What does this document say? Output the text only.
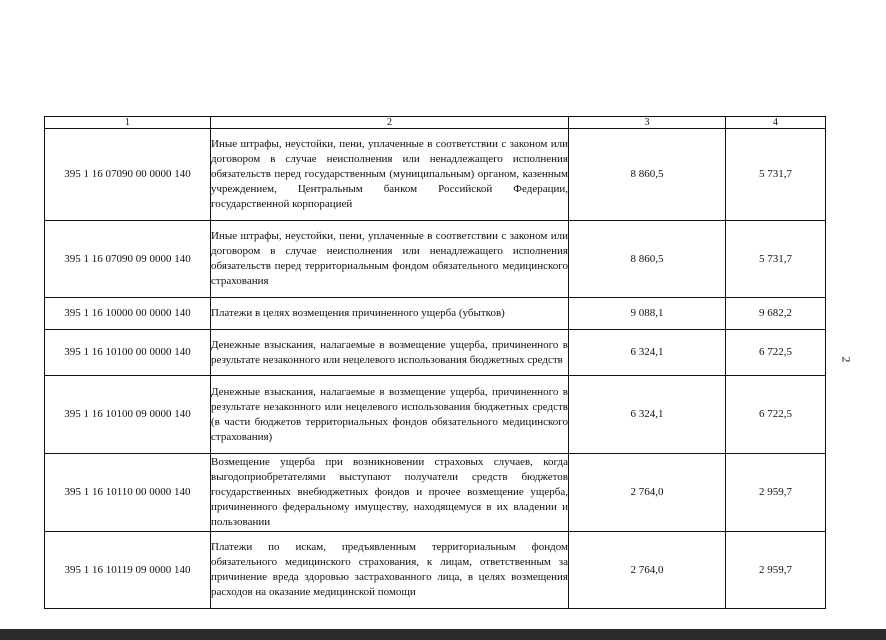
1	2	3	4
395 1 16 07090 00 0000 140	Иные штрафы, неустойки, пени, уплаченные в соответствии с законом или договором в случае неисполнения или ненадлежащего исполнения обязательств перед государственным (муниципальным) органом, казенным учреждением, Центральным банком Российской Федерации, государственной корпорацией	8 860,5	5 731,7
395 1 16 07090 09 0000 140	Иные штрафы, неустойки, пени, уплаченные в соответствии с законом или договором в случае неисполнения или ненадлежащего исполнения обязательств перед территориальным фондом обязательного медицинского страхования	8 860,5	5 731,7
395 1 16 10000 00 0000 140	Платежи в целях возмещения причиненного ущерба (убытков)	9 088,1	9 682,2
395 1 16 10100 00 0000 140	Денежные взыскания, налагаемые в возмещение ущерба, причиненного в результате незаконного или нецелевого использования бюджетных средств	6 324,1	6 722,5
395 1 16 10100 09 0000 140	Денежные взыскания, налагаемые в возмещение ущерба, причиненного в результате незаконного или нецелевого использования бюджетных средств (в части бюджетов территориальных фондов обязательного медицинского страхования)	6 324,1	6 722,5
395 1 16 10110 00 0000 140	Возмещение ущерба при возникновении страховых случаев, когда выгодоприобретателями выступают получатели средств бюджетов государственных внебюджетных фондов и прочее возмещение ущерба, причиненного федеральному имуществу, находящемуся в их владении и пользовании	2 764,0	2 959,7
395 1 16 10119 09 0000 140	Платежи по искам, предъявленным территориальным фондом обязательного медицинского страхования, к лицам, ответственным за причинение вреда здоровью застрахованного лица, в целях возмещения расходов на оказание медицинской помощи	2 764,0	2 959,7
2
